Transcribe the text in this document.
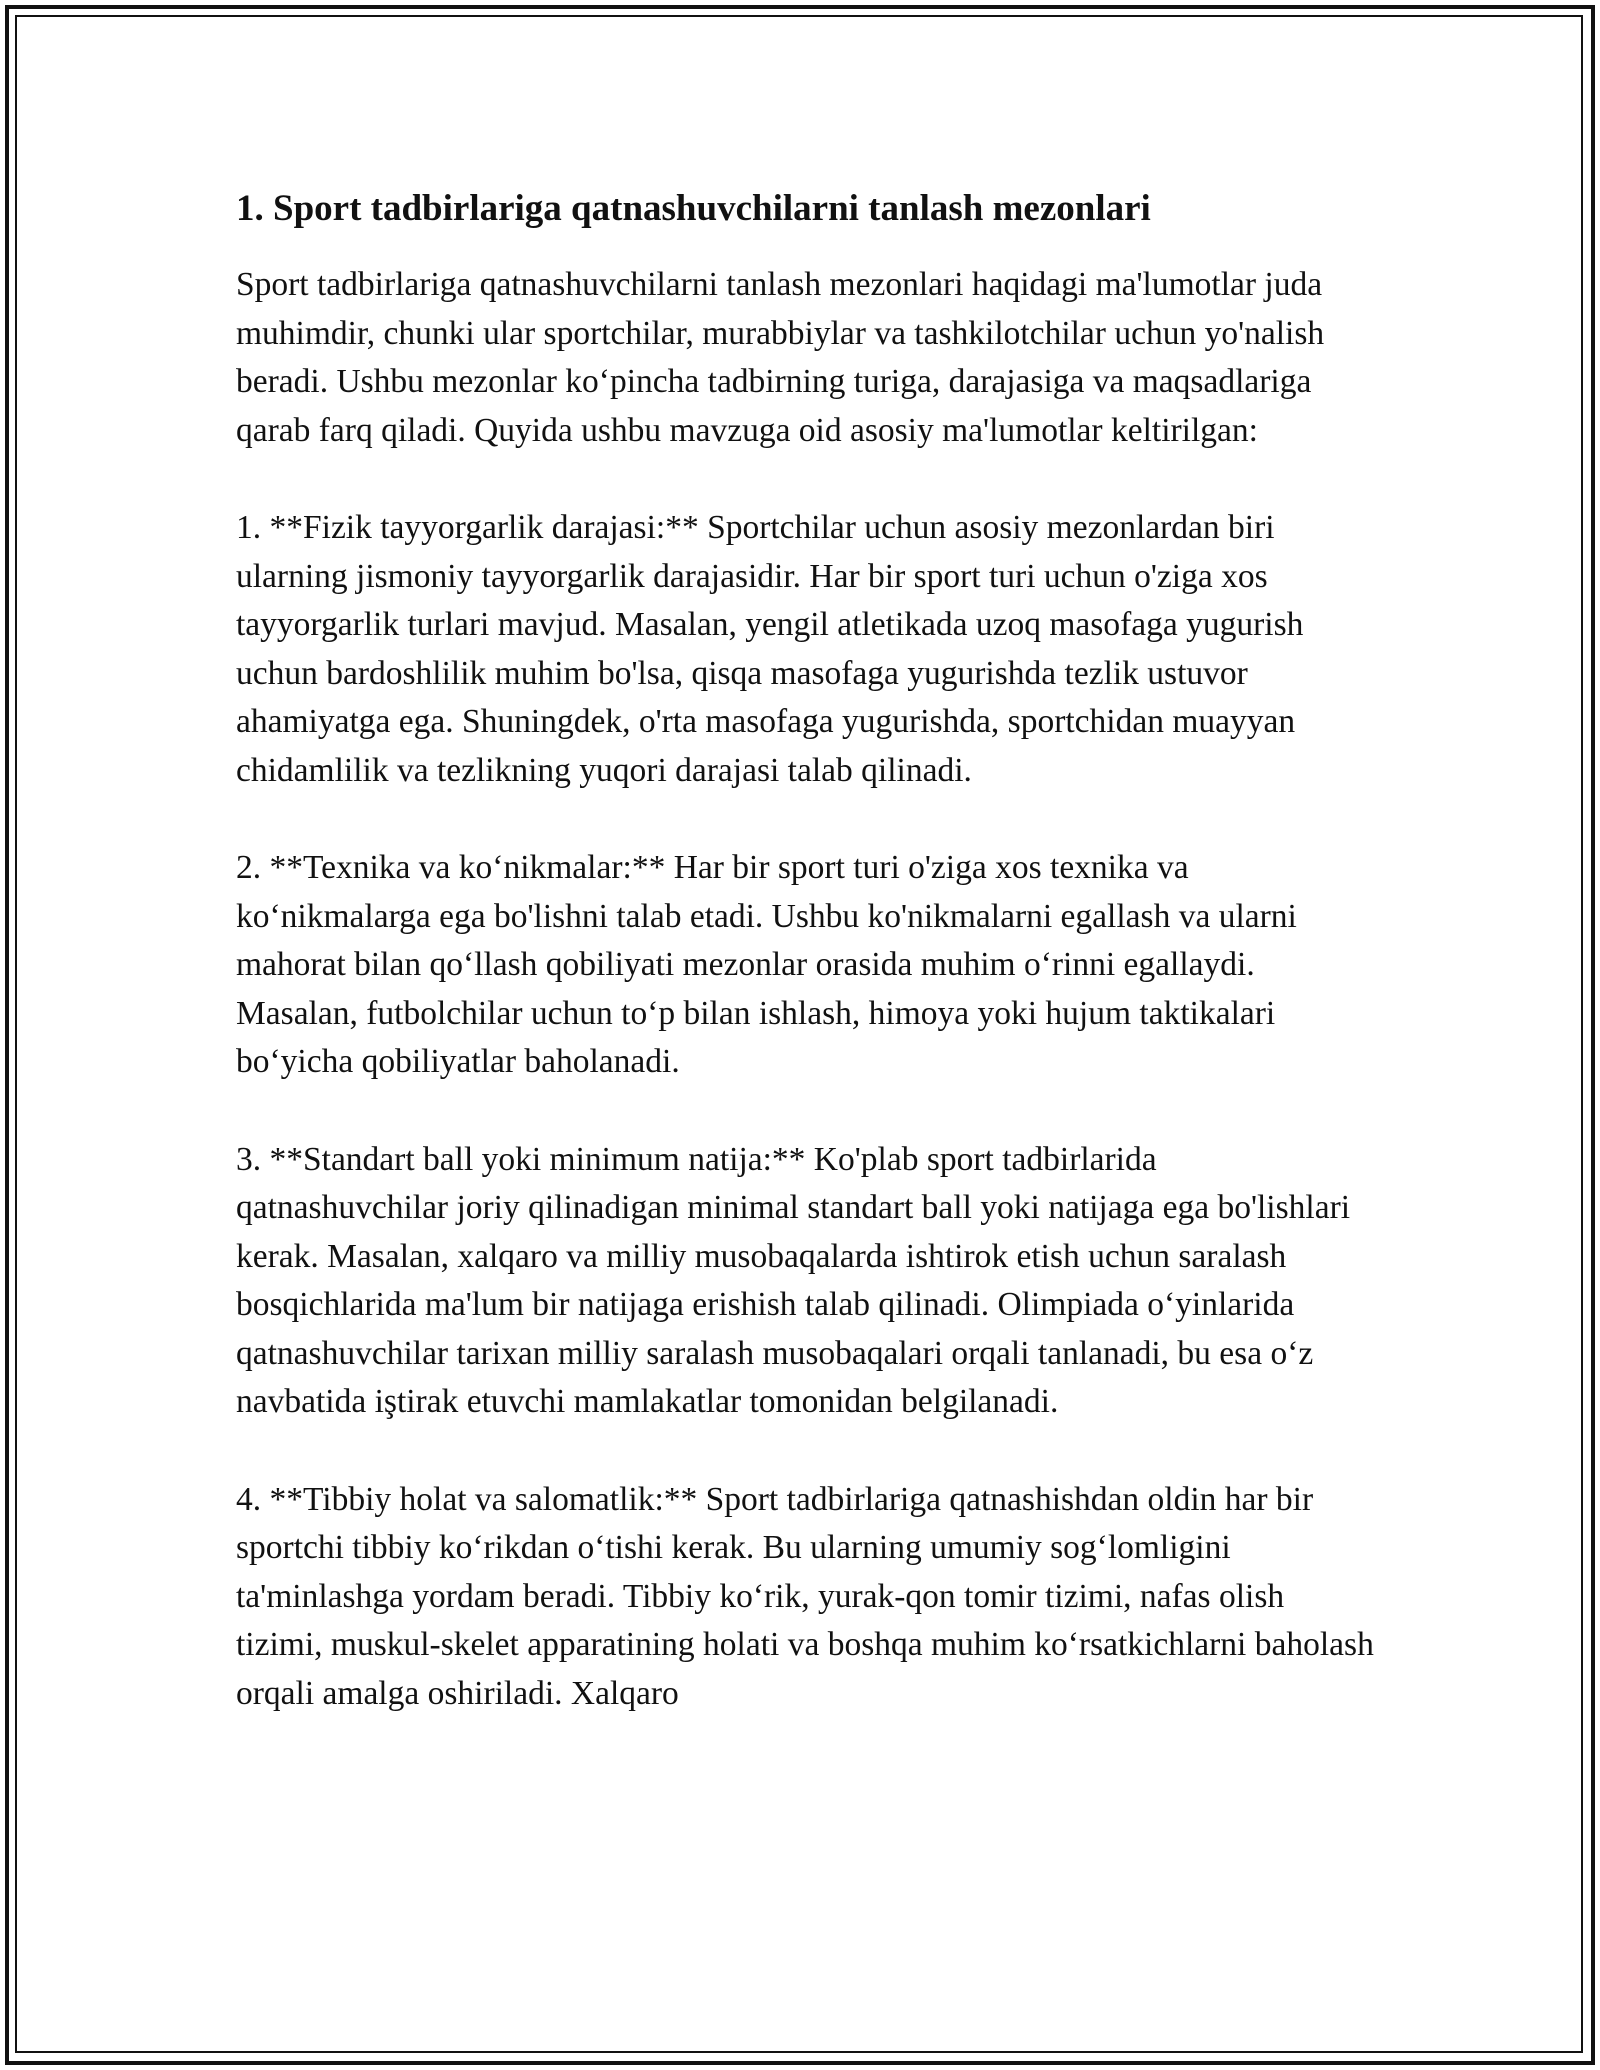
1. Sport tadbirlariga qatnashuvchilarni tanlash mezonlari

Sport tadbirlariga qatnashuvchilarni tanlash mezonlari haqidagi ma'lumotlar juda muhimdir, chunki ular sportchilar, murabbiylar va tashkilotchilar uchun yo'nalish beradi. Ushbu mezonlar ko‘pincha tadbirning turiga, darajasiga va maqsadlariga qarab farq qiladi. Quyida ushbu mavzuga oid asosiy ma'lumotlar keltirilgan:

1. **Fizik tayyorgarlik darajasi:** Sportchilar uchun asosiy mezonlardan biri ularning jismoniy tayyorgarlik darajasidir. Har bir sport turi uchun o'ziga xos tayyorgarlik turlari mavjud. Masalan, yengil atletikada uzoq masofaga yugurish uchun bardoshlilik muhim bo'lsa, qisqa masofaga yugurishda tezlik ustuvor ahamiyatga ega. Shuningdek, o'rta masofaga yugurishda, sportchidan muayyan chidamlilik va tezlikning yuqori darajasi talab qilinadi.

2. **Texnika va ko‘nikmalar:** Har bir sport turi o'ziga xos texnika va ko‘nikmalarga ega bo'lishni talab etadi. Ushbu ko'nikmalarni egallash va ularni mahorat bilan qo‘llash qobiliyati mezonlar orasida muhim o‘rinni egallaydi. Masalan, futbolchilar uchun to‘p bilan ishlash, himoya yoki hujum taktikalari bo‘yicha qobiliyatlar baholanadi.

3. **Standart ball yoki minimum natija:** Ko'plab sport tadbirlarida qatnashuvchilar joriy qilinadigan minimal standart ball yoki natijaga ega bo'lishlari kerak. Masalan, xalqaro va milliy musobaqalarda ishtirok etish uchun saralash bosqichlarida ma'lum bir natijaga erishish talab qilinadi. Olimpiada o‘yinlarida qatnashuvchilar tarixan milliy saralash musobaqalari orqali tanlanadi, bu esa o‘z navbatida iştirak etuvchi mamlakatlar tomonidan belgilanadi.

4. **Tibbiy holat va salomatlik:** Sport tadbirlariga qatnashishdan oldin har bir sportchi tibbiy ko‘rikdan o‘tishi kerak. Bu ularning umumiy sog‘lomligini ta'minlashga yordam beradi. Tibbiy ko‘rik, yurak-qon tomir tizimi, nafas olish tizimi, muskul-skelet apparatining holati va boshqa muhim ko‘rsatkichlarni baholash orqali amalga oshiriladi. Xalqaro
